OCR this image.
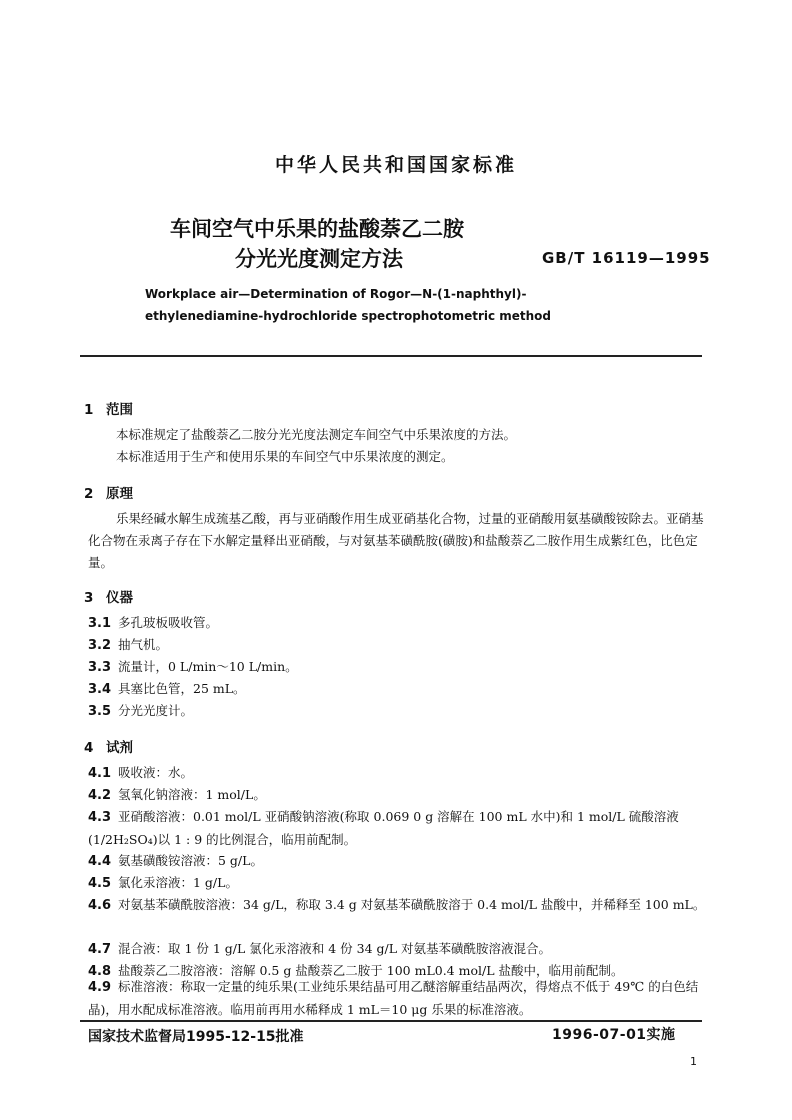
中华人民共和国国家标准
车间空气中乐果的盐酸萘乙二胺
分光光度测定方法	GB/T 16119—1995
Workplace air—Determination of Rogor—N-(1-naphthyl)-
ethylenediamine-hydrochloride spectrophotometric method
1 范围
本标准规定了盐酸萘乙二胺分光光度法测定车间空气中乐果浓度的方法。
本标准适用于生产和使用乐果的车间空气中乐果浓度的测定。
2 原理
乐果经碱水解生成巯基乙酸，再与亚硝酸作用生成亚硝基化合物，过量的亚硝酸用氨基磺酸铵除去。亚硝基化合物在汞离子存在下水解定量释出亚硝酸，与对氨基苯磺酰胺(磺胺)和盐酸萘乙二胺作用生成紫红色，比色定量。
3 仪器
3.1 多孔玻板吸收管。
3.2 抽气机。
3.3 流量计，0 L/min～10 L/min。
3.4 具塞比色管，25 mL。
3.5 分光光度计。
4 试剂
4.1 吸收液：水。
4.2 氢氧化钠溶液：1 mol/L。
4.3 亚硝酸溶液：0.01 mol/L 亚硝酸钠溶液(称取 0.069 0 g 溶解在 100 mL 水中)和 1 mol/L 硫酸溶液(1/2H₂SO₄)以 1 : 9 的比例混合，临用前配制。
4.4 氨基磺酸铵溶液：5 g/L。
4.5 氯化汞溶液：1 g/L。
4.6 对氨基苯磺酰胺溶液：34 g/L，称取 3.4 g 对氨基苯磺酰胺溶于 0.4 mol/L 盐酸中，并稀释至 100 mL。
4.7 混合液：取 1 份 1 g/L 氯化汞溶液和 4 份 34 g/L 对氨基苯磺酰胺溶液混合。
4.8 盐酸萘乙二胺溶液：溶解 0.5 g 盐酸萘乙二胺于 100 mL0.4 mol/L 盐酸中，临用前配制。
4.9 标准溶液：称取一定量的纯乐果(工业纯乐果结晶可用乙醚溶解重结晶两次，得熔点不低于 49℃ 的白色结晶)，用水配成标准溶液。临用前再用水稀释成 1 mL＝10 μg 乐果的标准溶液。
国家技术监督局1995-12-15批准	1996-07-01实施
1
